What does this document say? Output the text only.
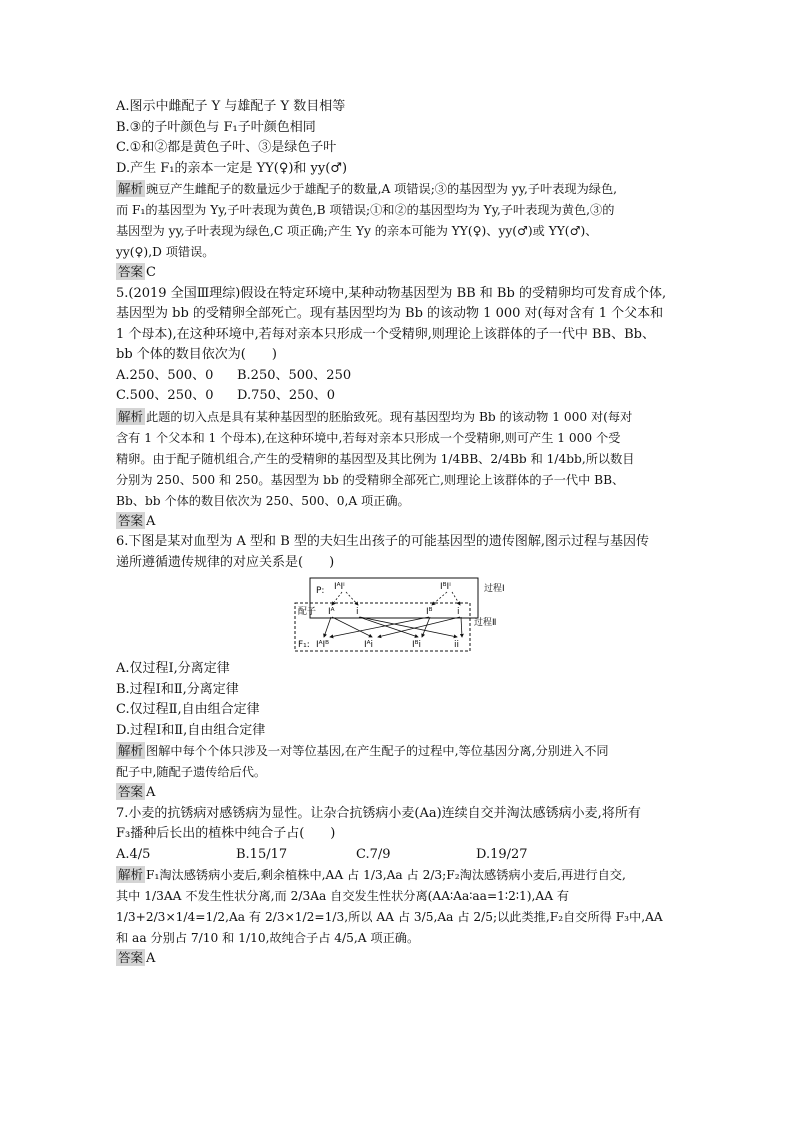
A.图示中雌配子 Y 与雄配子 Y 数目相等
B.③的子叶颜色与 F₁子叶颜色相同
C.①和②都是黄色子叶、③是绿色子叶
D.产生 F₁的亲本一定是 YY(♀)和 yy(♂)
解析 豌豆产生雌配子的数量远少于雄配子的数量,A 项错误;③的基因型为 yy,子叶表现为绿色,
而 F₁的基因型为 Yy,子叶表现为黄色,B 项错误;①和②的基因型均为 Yy,子叶表现为黄色,③的
基因型为 yy,子叶表现为绿色,C 项正确;产生 Yy 的亲本可能为 YY(♀)、yy(♂)或 YY(♂)、
yy(♀),D 项错误。
答案 C
5.(2019 全国Ⅲ理综)假设在特定环境中,某种动物基因型为 BB 和 Bb 的受精卵均可发育成个体,
基因型为 bb 的受精卵全部死亡。现有基因型均为 Bb 的该动物 1 000 对(每对含有 1 个父本和
1 个母本),在这种环境中,若每对亲本只形成一个受精卵,则理论上该群体的子一代中 BB、Bb、
bb 个体的数目依次为(　　)
A.250、500、0 B.250、500、250
C.500、250、0 D.750、250、0
解析 此题的切入点是具有某种基因型的胚胎致死。现有基因型均为 Bb 的该动物 1 000 对(每对
含有 1 个父本和 1 个母本),在这种环境中,若每对亲本只形成一个受精卵,则可产生 1 000 个受
精卵。由于配子随机组合,产生的受精卵的基因型及其比例为 1/4BB、2/4Bb 和 1/4bb,所以数目
分别为 250、500 和 250。基因型为 bb 的受精卵全部死亡,则理论上该群体的子一代中 BB、
Bb、bb 个体的数目依次为 250、500、0,A 项正确。
答案 A
6.下图是某对血型为 A 型和 B 型的夫妇生出孩子的可能基因型的遗传图解,图示过程与基因传
递所遵循遗传规律的对应关系是(　　)
P: IᴬIⁱ	IᴮIⁱ
配子 Iᴬ i	Iᴮ	i
F₁: IᴬIᴮ	Iᴬi	Iᴮi	ii
过程Ⅰ
过程Ⅱ
A.仅过程Ⅰ,分离定律
B.过程Ⅰ和Ⅱ,分离定律
C.仅过程Ⅱ,自由组合定律
D.过程Ⅰ和Ⅱ,自由组合定律
解析 图解中每个个体只涉及一对等位基因,在产生配子的过程中,等位基因分离,分别进入不同
配子中,随配子遗传给后代。
答案 A
7.小麦的抗锈病对感锈病为显性。让杂合抗锈病小麦(Aa)连续自交并淘汰感锈病小麦,将所有
F₃播种后长出的植株中纯合子占(　　)
A.4/5	B.15/17	C.7/9	D.19/27
解析 F₁淘汰感锈病小麦后,剩余植株中,AA 占 1/3,Aa 占 2/3;F₂淘汰感锈病小麦后,再进行自交,
其中 1/3AA 不发生性状分离,而 2/3Aa 自交发生性状分离(AA∶Aa∶aa=1∶2∶1),AA 有
1/3+2/3×1/4=1/2,Aa 有 2/3×1/2=1/3,所以 AA 占 3/5,Aa 占 2/5;以此类推,F₂自交所得 F₃中,AA
和 aa 分别占 7/10 和 1/10,故纯合子占 4/5,A 项正确。
答案 A
